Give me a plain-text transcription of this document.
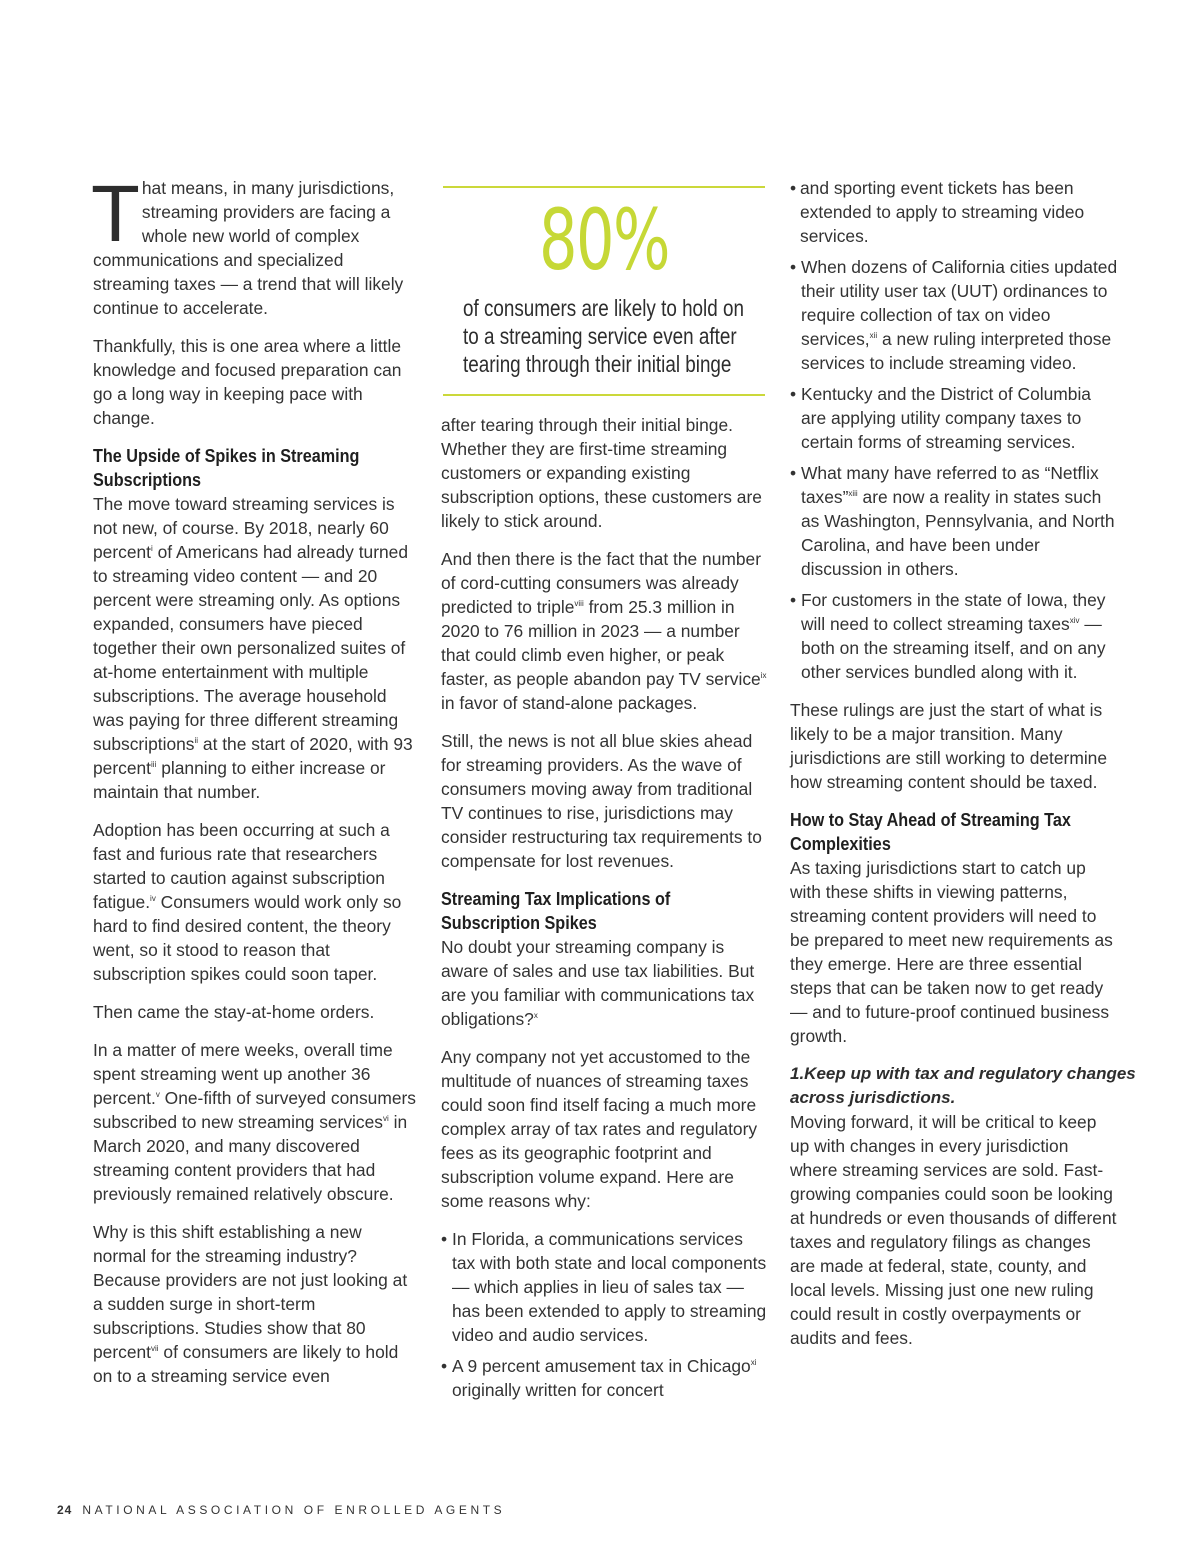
That means, in many jurisdictions, streaming providers are facing a whole new world of complex communications and specialized streaming taxes — a trend that will likely continue to accelerate.

Thankfully, this is one area where a little knowledge and focused preparation can go a long way in keeping pace with change.

The Upside of Spikes in Streaming
Subscriptions

The move toward streaming services is not new, of course. By 2018, nearly 60 percent$^i$ of Americans had already turned to streaming video content — and 20 percent were streaming only. As options expanded, consumers have pieced together their own personalized suites of at-home entertainment with multiple subscriptions. The average household was paying for three different streaming subscriptions$^{ii}$ at the start of 2020, with 93 percent$^{iii}$ planning to either increase or maintain that number.

Adoption has been occurring at such a fast and furious rate that researchers started to caution against subscription fatigue.$^{iv}$ Consumers would work only so hard to find desired content, the theory went, so it stood to reason that subscription spikes could soon taper.

Then came the stay-at-home orders.

In a matter of mere weeks, overall time spent streaming went up another 36 percent.$^v$ One-fifth of surveyed consumers subscribed to new streaming services$^{vi}$ in March 2020, and many discovered streaming content providers that had previously remained relatively obscure.

Why is this shift establishing a new normal for the streaming industry? Because providers are not just looking at a sudden surge in short-term subscriptions. Studies show that 80 percent$^{vii}$ of consumers are likely to hold on to a streaming service even

80%
of consumers are likely to hold on
to a streaming service even after
tearing through their initial binge

after tearing through their initial binge. Whether they are first-time streaming customers or expanding existing subscription options, these customers are likely to stick around.

And then there is the fact that the number of cord-cutting consumers was already predicted to triple$^{viii}$ from 25.3 million in 2020 to 76 million in 2023 — a number that could climb even higher, or peak faster, as people abandon pay TV service$^{ix}$ in favor of stand-alone packages.

Still, the news is not all blue skies ahead for streaming providers. As the wave of consumers moving away from traditional TV continues to rise, jurisdictions may consider restructuring tax requirements to compensate for lost revenues.

Streaming Tax Implications of
Subscription Spikes

No doubt your streaming company is aware of sales and use tax liabilities. But are you familiar with communications tax obligations?$^x$

Any company not yet accustomed to the multitude of nuances of streaming taxes could soon find itself facing a much more complex array of tax rates and regulatory fees as its geographic footprint and subscription volume expand. Here are some reasons why:

• In Florida, a communications services tax with both state and local components — which applies in lieu of sales tax — has been extended to apply to streaming video and audio services.
• A 9 percent amusement tax in Chicago$^{xi}$ originally written for concert
• and sporting event tickets has been extended to apply to streaming video services.
• When dozens of California cities updated their utility user tax (UUT) ordinances to require collection of tax on video services,$^{xii}$ a new ruling interpreted those services to include streaming video.
• Kentucky and the District of Columbia are applying utility company taxes to certain forms of streaming services.
• What many have referred to as “Netflix taxes”$^{xiii}$ are now a reality in states such as Washington, Pennsylvania, and North Carolina, and have been under discussion in others.
• For customers in the state of Iowa, they will need to collect streaming taxes$^{xiv}$ — both on the streaming itself, and on any other services bundled along with it.

These rulings are just the start of what is likely to be a major transition. Many jurisdictions are still working to determine how streaming content should be taxed.

How to Stay Ahead of Streaming Tax
Complexities

As taxing jurisdictions start to catch up with these shifts in viewing patterns, streaming content providers will need to be prepared to meet new requirements as they emerge. Here are three essential steps that can be taken now to get ready — and to future-proof continued business growth.

1.Keep up with tax and regulatory changes
across jurisdictions.

Moving forward, it will be critical to keep up with changes in every jurisdiction where streaming services are sold. Fast-growing companies could soon be looking at hundreds or even thousands of different taxes and regulatory filings as changes are made at federal, state, county, and local levels. Missing just one new ruling could result in costly overpayments or audits and fees.

24 NATIONAL ASSOCIATION OF ENROLLED AGENTS
